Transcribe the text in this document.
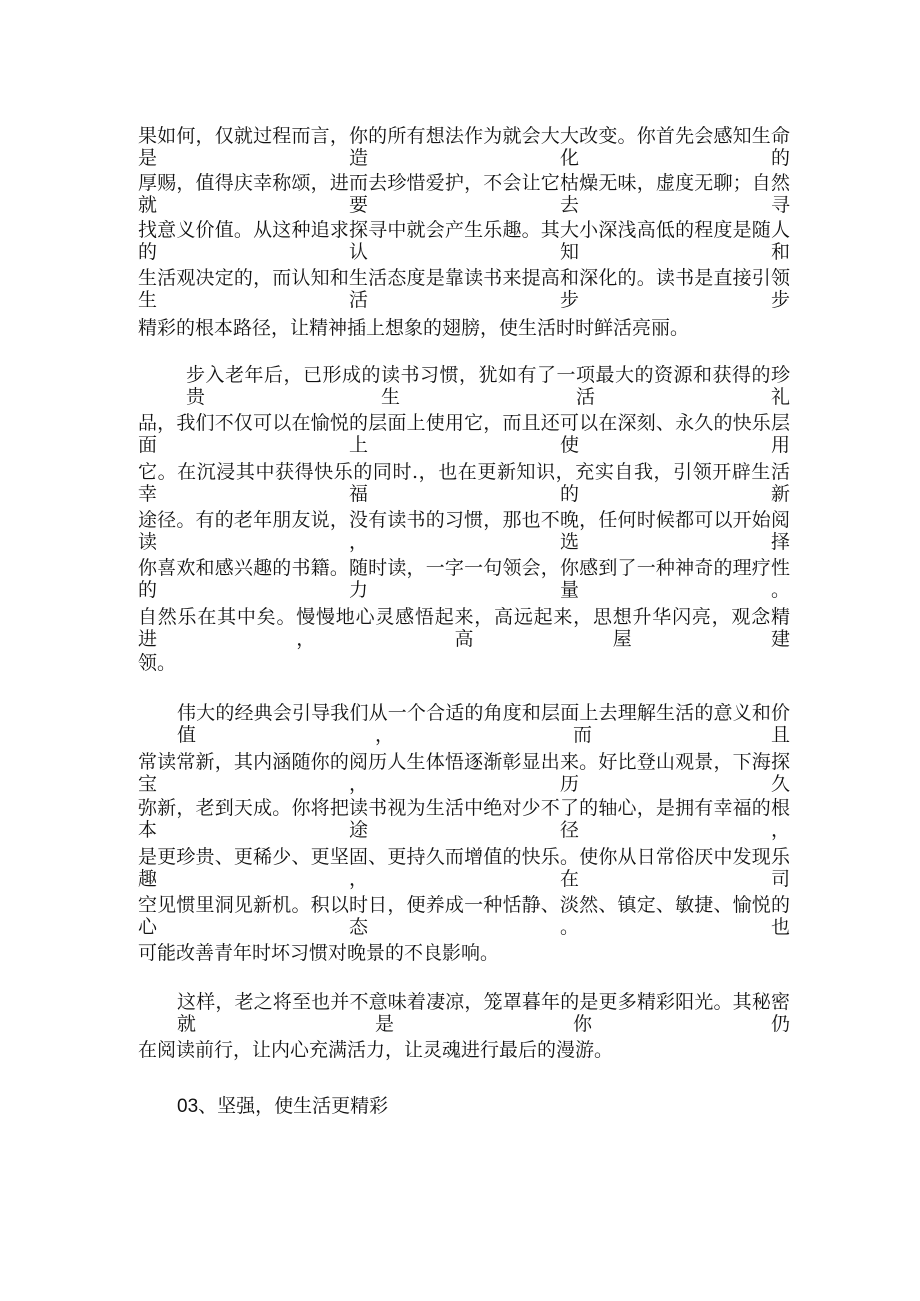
果如何，仅就过程而言，你的所有想法作为就会大大改变。你首先会感知生命是造化的
厚赐，值得庆幸称颂，进而去珍惜爱护，不会让它枯燥无味，虚度无聊；自然就要去寻
找意义价值。从这种追求探寻中就会产生乐趣。其大小深浅高低的程度是随人的认知和
生活观决定的，而认知和生活态度是靠读书来提高和深化的。读书是直接引领生活步步
精彩的根本路径，让精神插上想象的翅膀，使生活时时鲜活亮丽。
步入老年后，已形成的读书习惯，犹如有了一项最大的资源和获得的珍贵生活礼
品，我们不仅可以在愉悦的层面上使用它，而且还可以在深刻、永久的快乐层面上使用
它。在沉浸其中获得快乐的同时.，也在更新知识，充实自我，引领开辟生活幸福的新
途径。有的老年朋友说，没有读书的习惯，那也不晚，任何时候都可以开始阅读，选择
你喜欢和感兴趣的书籍。随时读，一字一句领会，你感到了一种神奇的理疗性的力量。
自然乐在其中矣。慢慢地心灵感悟起来，高远起来，思想升华闪亮，观念精进，高屋建
领。
伟大的经典会引导我们从一个合适的角度和层面上去理解生活的意义和价值，而且
常读常新，其内涵随你的阅历人生体悟逐渐彰显出来。好比登山观景，下海探宝，历久
弥新，老到天成。你将把读书视为生活中绝对少不了的轴心，是拥有幸福的根本途径，
是更珍贵、更稀少、更坚固、更持久而增值的快乐。使你从日常俗厌中发现乐趣，在司
空见惯里洞见新机。积以时日，便养成一种恬静、淡然、镇定、敏捷、愉悦的心态。也
可能改善青年时坏习惯对晚景的不良影响。
这样，老之将至也并不意味着凄凉，笼罩暮年的是更多精彩阳光。其秘密就是你仍
在阅读前行，让内心充满活力，让灵魂进行最后的漫游。
03、坚强，使生活更精彩
